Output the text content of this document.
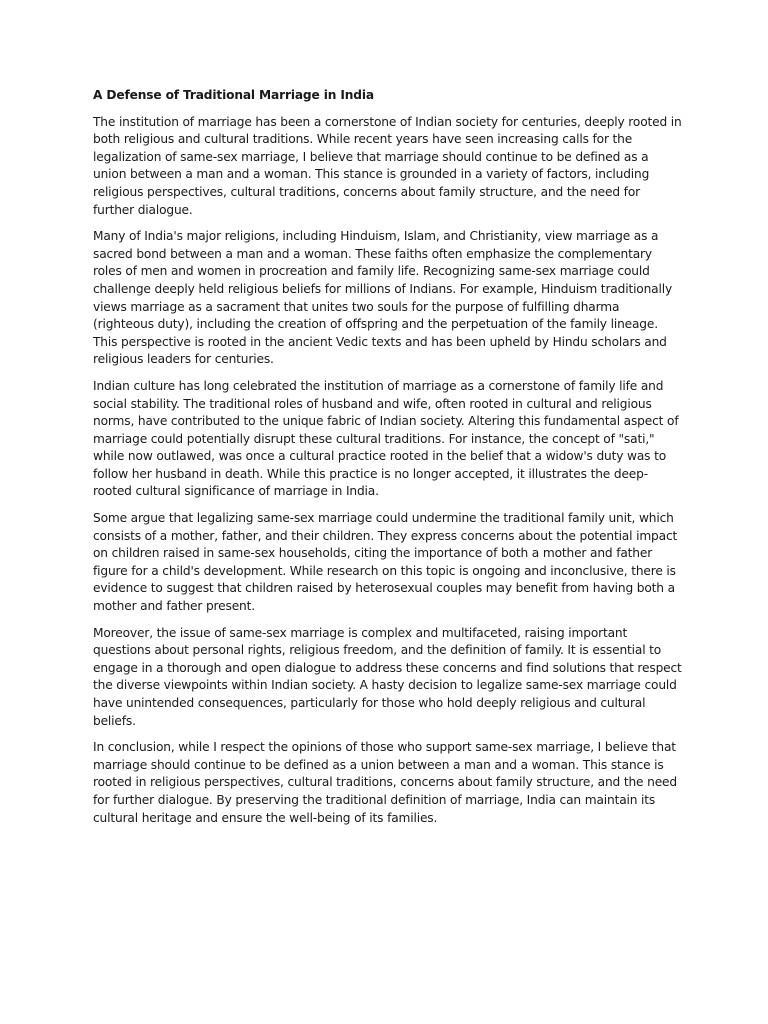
A Defense of Traditional Marriage in India

The institution of marriage has been a cornerstone of Indian society for centuries, deeply rooted in both religious and cultural traditions. While recent years have seen increasing calls for the legalization of same-sex marriage, I believe that marriage should continue to be defined as a union between a man and a woman. This stance is grounded in a variety of factors, including religious perspectives, cultural traditions, concerns about family structure, and the need for further dialogue.

Many of India's major religions, including Hinduism, Islam, and Christianity, view marriage as a sacred bond between a man and a woman. These faiths often emphasize the complementary roles of men and women in procreation and family life. Recognizing same-sex marriage could challenge deeply held religious beliefs for millions of Indians. For example, Hinduism traditionally views marriage as a sacrament that unites two souls for the purpose of fulfilling dharma (righteous duty), including the creation of offspring and the perpetuation of the family lineage. This perspective is rooted in the ancient Vedic texts and has been upheld by Hindu scholars and religious leaders for centuries.

Indian culture has long celebrated the institution of marriage as a cornerstone of family life and social stability. The traditional roles of husband and wife, often rooted in cultural and religious norms, have contributed to the unique fabric of Indian society. Altering this fundamental aspect of marriage could potentially disrupt these cultural traditions. For instance, the concept of "sati," while now outlawed, was once a cultural practice rooted in the belief that a widow's duty was to follow her husband in death. While this practice is no longer accepted, it illustrates the deep-rooted cultural significance of marriage in India.

Some argue that legalizing same-sex marriage could undermine the traditional family unit, which consists of a mother, father, and their children. They express concerns about the potential impact on children raised in same-sex households, citing the importance of both a mother and father figure for a child's development. While research on this topic is ongoing and inconclusive, there is evidence to suggest that children raised by heterosexual couples may benefit from having both a mother and father present.

Moreover, the issue of same-sex marriage is complex and multifaceted, raising important questions about personal rights, religious freedom, and the definition of family. It is essential to engage in a thorough and open dialogue to address these concerns and find solutions that respect the diverse viewpoints within Indian society. A hasty decision to legalize same-sex marriage could have unintended consequences, particularly for those who hold deeply religious and cultural beliefs.

In conclusion, while I respect the opinions of those who support same-sex marriage, I believe that marriage should continue to be defined as a union between a man and a woman. This stance is rooted in religious perspectives, cultural traditions, concerns about family structure, and the need for further dialogue. By preserving the traditional definition of marriage, India can maintain its cultural heritage and ensure the well-being of its families.
